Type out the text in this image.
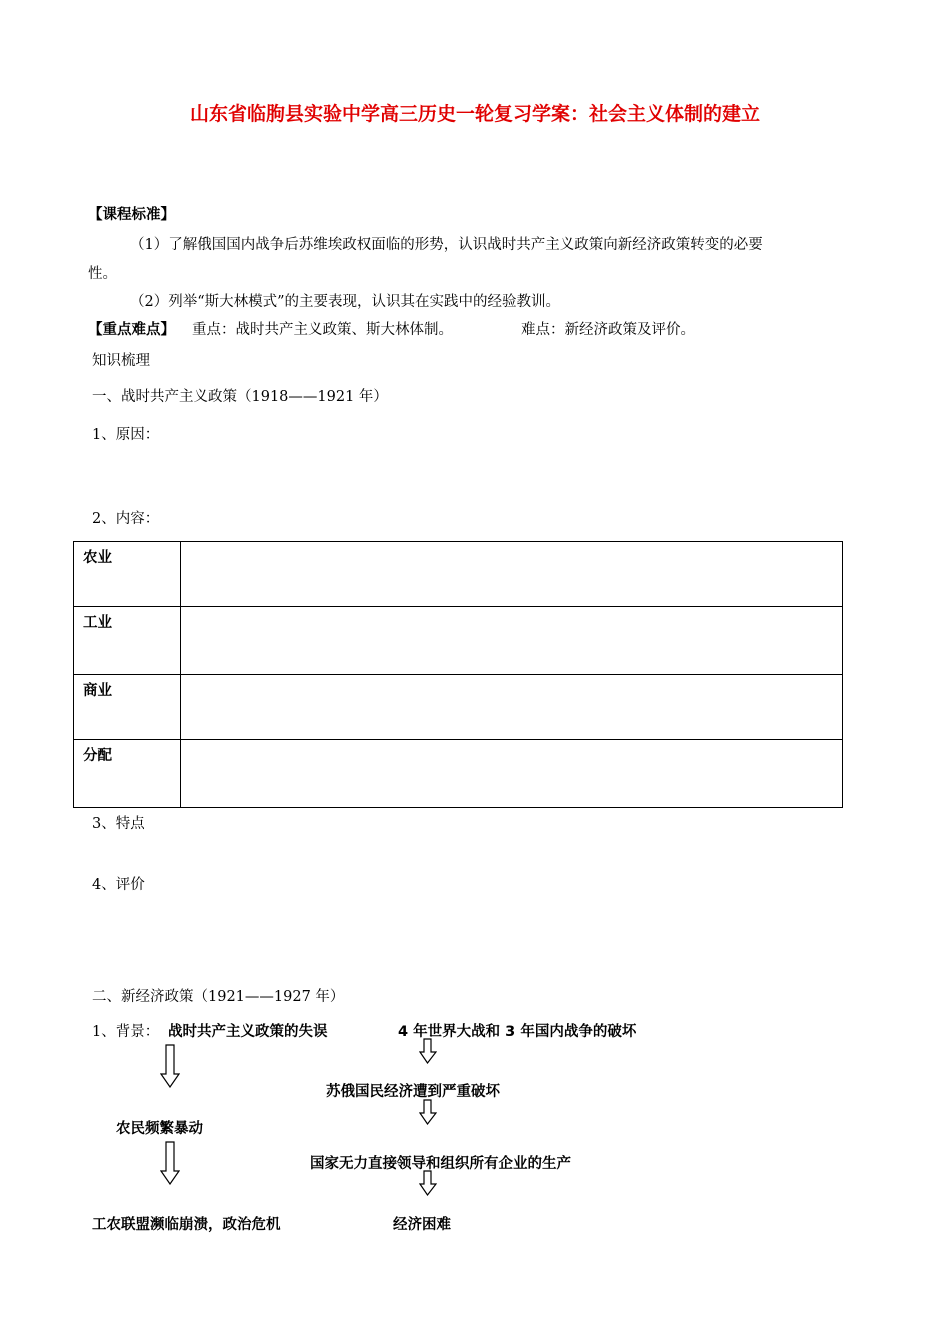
山东省临朐县实验中学高三历史一轮复习学案：社会主义体制的建立
【课程标准】
（1）了解俄国国内战争后苏维埃政权面临的形势，认识战时共产主义政策向新经济政策转变的必要
性。
（2）列举“斯大林模式”的主要表现，认识其在实践中的经验教训。
【重点难点】 重点：战时共产主义政策、斯大林体制。	难点：新经济政策及评价。
知识梳理
一、战时共产主义政策（1918——1921 年）
1、原因：
2、内容：
农业	
工业	
商业	
分配	
3、特点
4、评价
二、新经济政策（1921——1927 年）
1、背景： 战时共产主义政策的失误
农民频繁暴动
工农联盟濒临崩溃，政治危机
4 年世界大战和 3 年国内战争的破坏
苏俄国民经济遭到严重破坏
国家无力直接领导和组织所有企业的生产
经济困难
